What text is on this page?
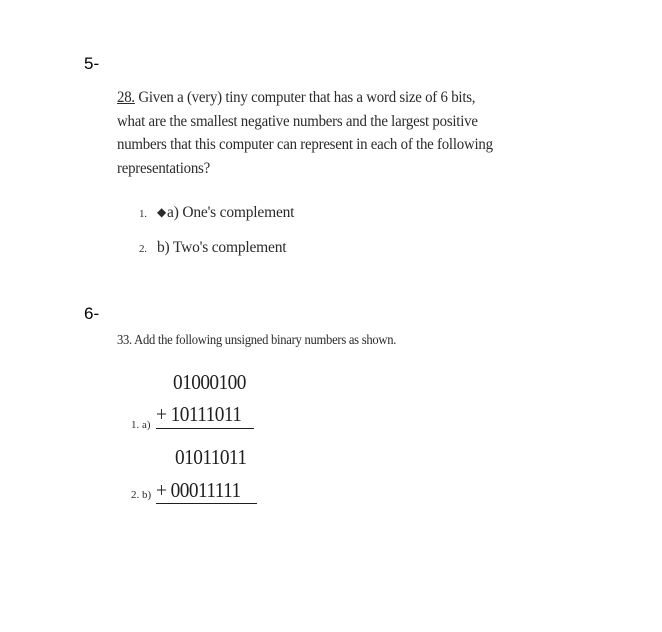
5-
28. Given a (very) tiny computer that has a word size of 6 bits,
what are the smallest negative numbers and the largest positive
numbers that this computer can represent in each of the following
representations?
1. ◆a) One's complement
2. b) Two's complement
6-
33. Add the following unsigned binary numbers as shown.
01000100
+ 10111011
1. a)
01011011
+ 00011111
2. b)
